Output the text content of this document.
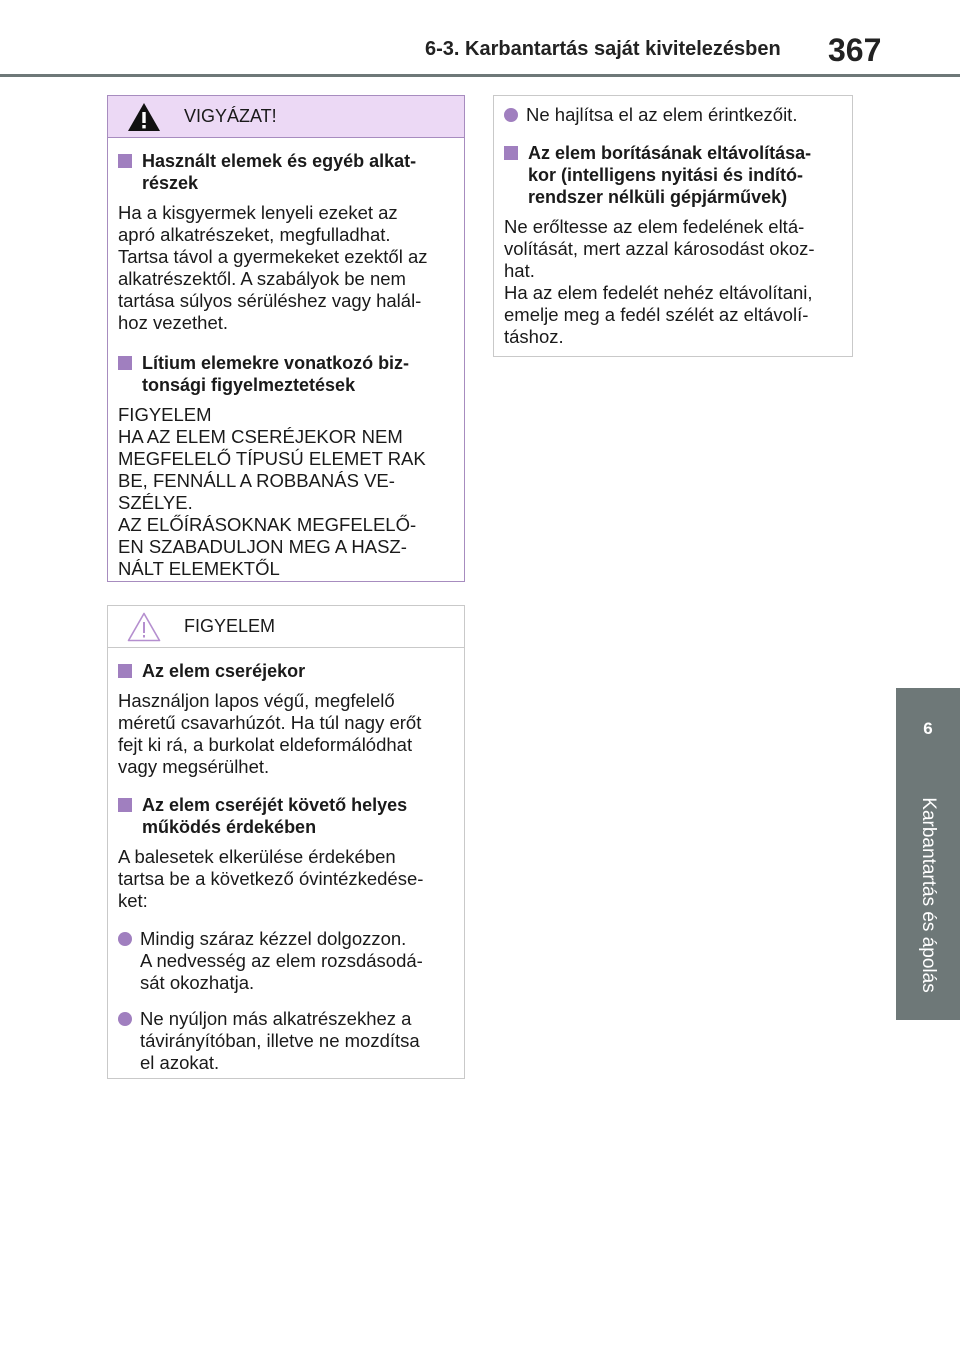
6-3. Karbantartás saját kivitelezésben 367
6
Karbantartás és ápolás
VIGYÁZAT!
Használt elemek és egyéb alkat-
részek
Ha a kisgyermek lenyeli ezeket az
apró alkatrészeket, megfulladhat.
Tartsa távol a gyermekeket ezektől az
alkatrészektől. A szabályok be nem
tartása súlyos sérüléshez vagy halál-
hoz vezethet.
Lítium elemekre vonatkozó biz-
tonsági figyelmeztetések
FIGYELEM
HA AZ ELEM CSERÉJEKOR NEM
MEGFELELŐ TÍPUSÚ ELEMET RAK
BE, FENNÁLL A ROBBANÁS VE-
SZÉLYE.
AZ ELŐÍRÁSOKNAK MEGFELELŐ-
EN SZABADULJON MEG A HASZ-
NÁLT ELEMEKTŐL
FIGYELEM
Az elem cseréjekor
Használjon lapos végű, megfelelő
méretű csavarhúzót. Ha túl nagy erőt
fejt ki rá, a burkolat eldeformálódhat
vagy megsérülhet.
Az elem cseréjét követő helyes
működés érdekében
A balesetek elkerülése érdekében
tartsa be a következő óvintézkedése-
ket:
Mindig száraz kézzel dolgozzon.
A nedvesség az elem rozsdásodá-
sát okozhatja.
Ne nyúljon más alkatrészekhez a
távirányítóban, illetve ne mozdítsa
el azokat.
Ne hajlítsa el az elem érintkezőit.
Az elem borításának eltávolítása-
kor (intelligens nyitási és indító-
rendszer nélküli gépjárművek)
Ne erőltesse az elem fedelének eltá-
volítását, mert azzal károsodást okoz-
hat.
Ha az elem fedelét nehéz eltávolítani,
emelje meg a fedél szélét az eltávolí-
táshoz.
